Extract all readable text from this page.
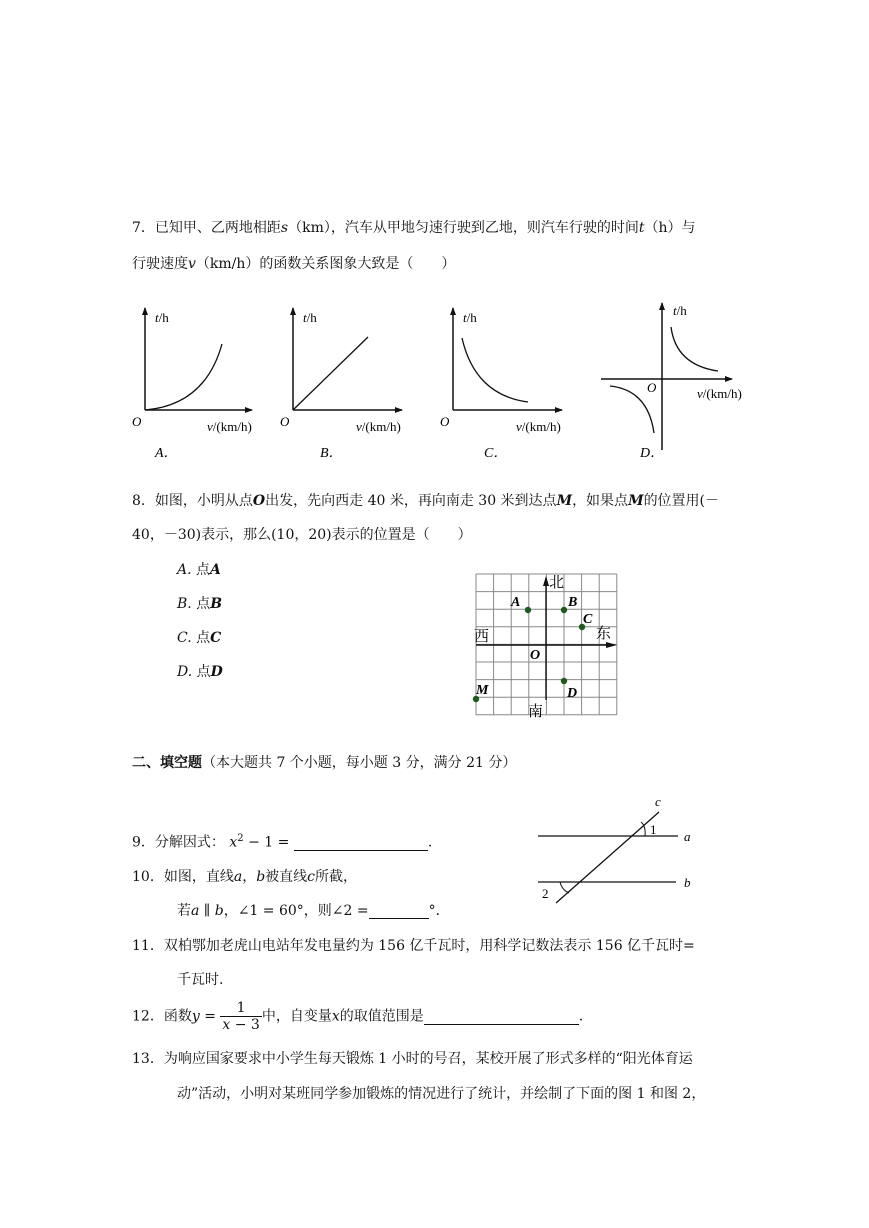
7．已知甲、乙两地相距s（km），汽车从甲地匀速行驶到乙地，则汽车行驶的时间t（h）与
行驶速度v（km/h）的函数关系图象大致是（　　）
t/h
O	v/(km/h)
A．
t/h
O	v/(km/h)
B．
t/h
O	v/(km/h)
C．
t/h
O	v/(km/h)
D．
8．如图，小明从点O出发，先向西走 40 米，再向南走 30 米到达点M，如果点M的位置用(－
40，－30)表示，那么(10，20)表示的位置是（　　）
A. 点A
B. 点B
C. 点C
D. 点D
北
西	东
南
A	B
C
D
M
O
二、填空题（本大题共 7 个小题，每小题 3 分，满分 21 分）
9．分解因式： $x^2 - 1$ =	.
10．如图，直线a，b被直线c所截，
若a ∥ b，∠1 = 60°，则∠2 =	°．
c
a
b
1
2
11．双柏鄂加老虎山电站年发电量约为 156 亿千瓦时，用科学记数法表示 156 亿千瓦时=
千瓦时.
12．函数$y = \frac{1}{x - 3}$ 中，自变量x的取值范围是	.
13．为响应国家要求中小学生每天锻炼 1 小时的号召，某校开展了形式多样的“阳光体育运
动”活动，小明对某班同学参加锻炼的情况进行了统计，并绘制了下面的图 1 和图 2，
